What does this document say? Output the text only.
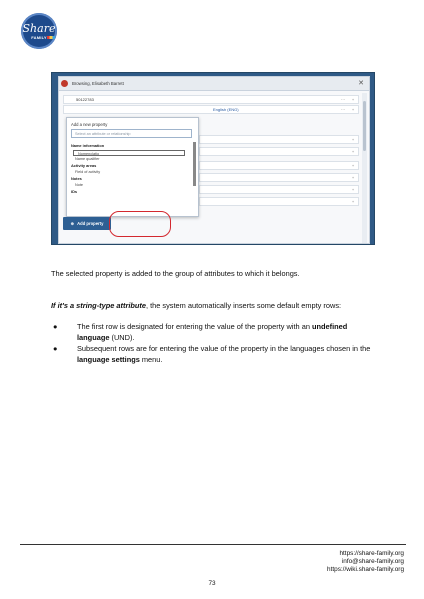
Share
FAMILY
Browsing, Elisabeth Barrett	✕
50122783	···	+
English (ENG)	···	+
+
+
+
+
+
+
Add a new property
Select an attribute or relationship
Name information
Nomenclatio
Name qualifier
Activity areas
Field of activity
Notes
Note
IDs
⊕ Add property
The selected property is added to the group of attributes to which it belongs.
If it's a string-type attribute, the system automatically inserts some default empty rows:
●	The first row is designated for entering the value of the property with an undefined language (UND).
●	Subsequent rows are for entering the value of the property in the languages chosen in the language settings menu.
https://share-family.org
info@share-family.org
https://wiki.share-family.org
73
